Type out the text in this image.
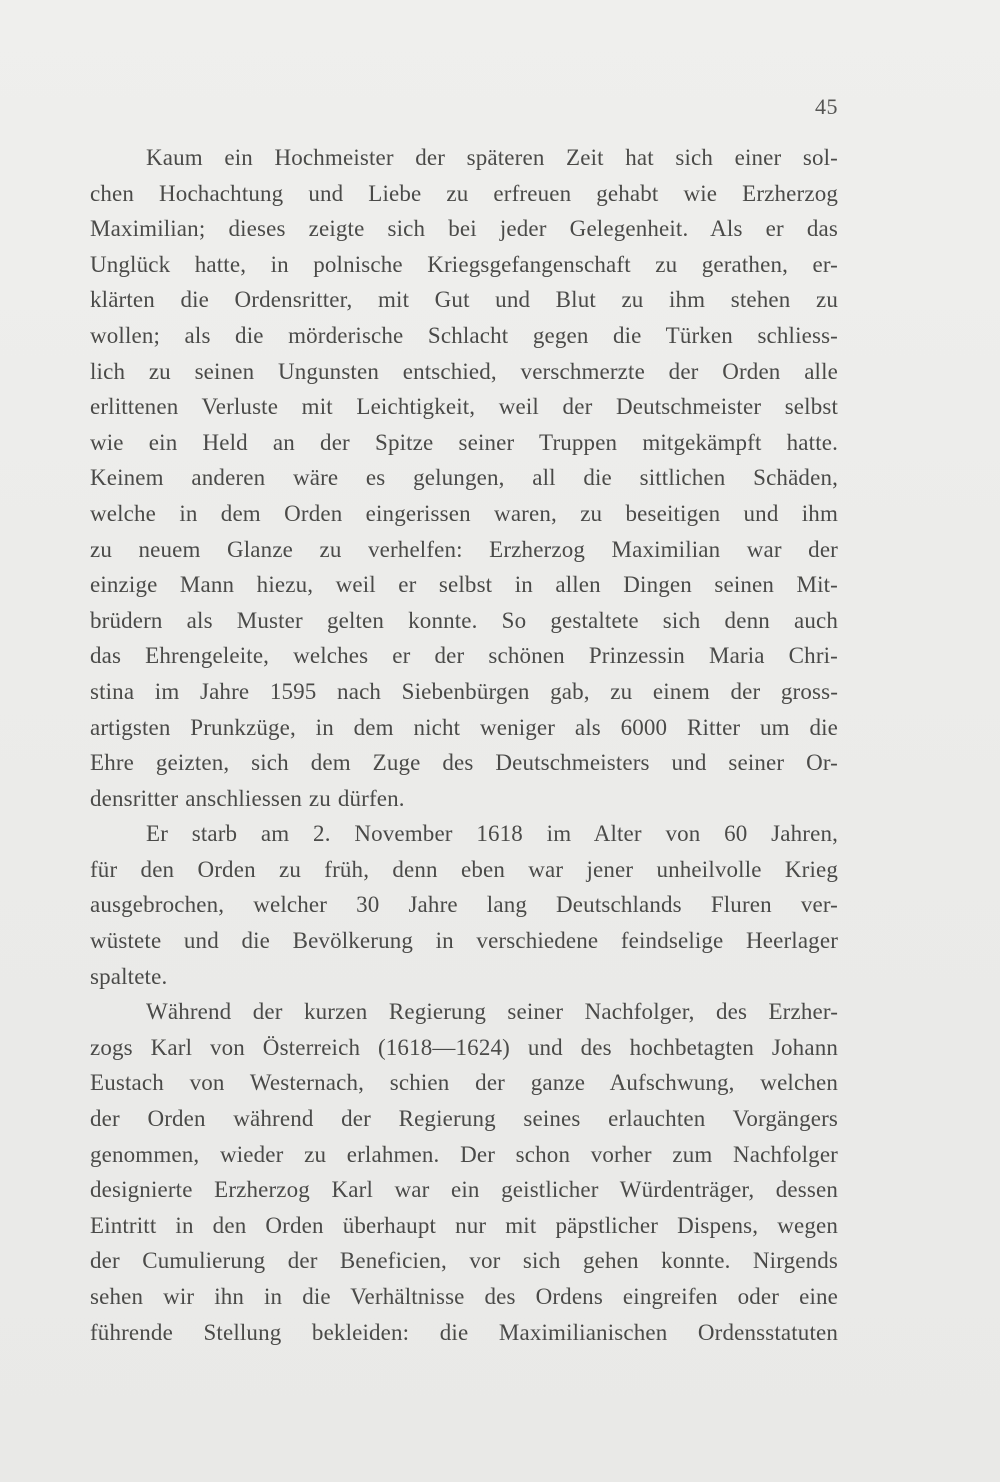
45

Kaum ein Hochmeister der späteren Zeit hat sich einer sol-
chen Hochachtung und Liebe zu erfreuen gehabt wie Erzherzog
Maximilian; dieses zeigte sich bei jeder Gelegenheit. Als er das
Unglück hatte, in polnische Kriegsgefangenschaft zu gerathen, er-
klärten die Ordensritter, mit Gut und Blut zu ihm stehen zu
wollen; als die mörderische Schlacht gegen die Türken schliess-
lich zu seinen Ungunsten entschied, verschmerzte der Orden alle
erlittenen Verluste mit Leichtigkeit, weil der Deutschmeister selbst
wie ein Held an der Spitze seiner Truppen mitgekämpft hatte.
Keinem anderen wäre es gelungen, all die sittlichen Schäden,
welche in dem Orden eingerissen waren, zu beseitigen und ihm
zu neuem Glanze zu verhelfen: Erzherzog Maximilian war der
einzige Mann hiezu, weil er selbst in allen Dingen seinen Mit-
brüdern als Muster gelten konnte. So gestaltete sich denn auch
das Ehrengeleite, welches er der schönen Prinzessin Maria Chri-
stina im Jahre 1595 nach Siebenbürgen gab, zu einem der gross-
artigsten Prunkzüge, in dem nicht weniger als 6000 Ritter um die
Ehre geizten, sich dem Zuge des Deutschmeisters und seiner Or-
densritter anschliessen zu dürfen.

Er starb am 2. November 1618 im Alter von 60 Jahren,
für den Orden zu früh, denn eben war jener unheilvolle Krieg
ausgebrochen, welcher 30 Jahre lang Deutschlands Fluren ver-
wüstete und die Bevölkerung in verschiedene feindselige Heerlager
spaltete.

Während der kurzen Regierung seiner Nachfolger, des Erzher-
zogs Karl von Österreich (1618—1624) und des hochbetagten Johann
Eustach von Westernach, schien der ganze Aufschwung, welchen
der Orden während der Regierung seines erlauchten Vorgängers
genommen, wieder zu erlahmen. Der schon vorher zum Nachfolger
designierte Erzherzog Karl war ein geistlicher Würdenträger, dessen
Eintritt in den Orden überhaupt nur mit päpstlicher Dispens, wegen
der Cumulierung der Beneficien, vor sich gehen konnte. Nirgends
sehen wir ihn in die Verhältnisse des Ordens eingreifen oder eine
führende Stellung bekleiden: die Maximilianischen Ordensstatuten
